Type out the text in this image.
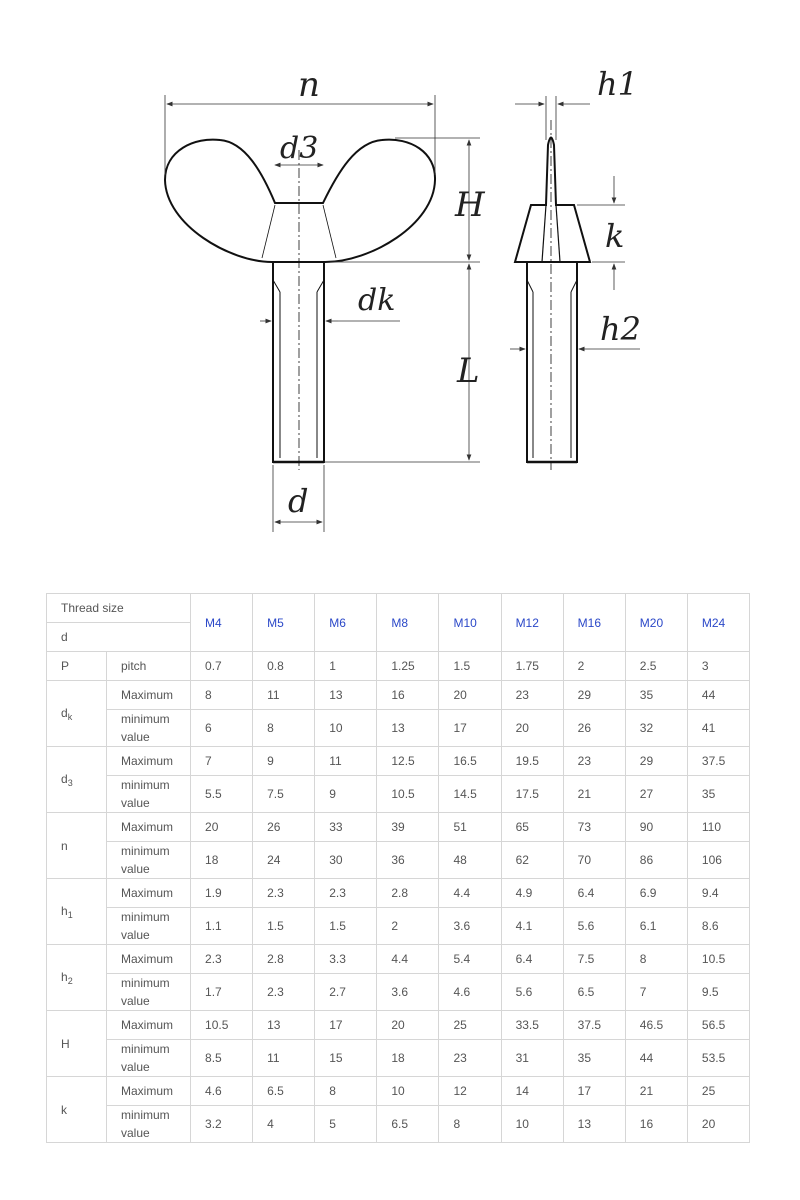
n
d3
H
dk
L
d
h1
k
h2
Thread size		M4	M5	M6	M8	M10	M12	M16	M20	M24
d										
P	pitch	0.7	0.8	1	1.25	1.5	1.75	2	2.5	3
$d_k$	Maximum	8	11	13	16	20	23	29	35	44
	minimum value	6	8	10	13	17	20	26	32	41
$d_3$	Maximum	7	9	11	12.5	16.5	19.5	23	29	37.5
	minimum value	5.5	7.5	9	10.5	14.5	17.5	21	27	35
n	Maximum	20	26	33	39	51	65	73	90	110
	minimum value	18	24	30	36	48	62	70	86	106
$h_1$	Maximum	1.9	2.3	2.3	2.8	4.4	4.9	6.4	6.9	9.4
	minimum value	1.1	1.5	1.5	2	3.6	4.1	5.6	6.1	8.6
$h_2$	Maximum	2.3	2.8	3.3	4.4	5.4	6.4	7.5	8	10.5
	minimum value	1.7	2.3	2.7	3.6	4.6	5.6	6.5	7	9.5
H	Maximum	10.5	13	17	20	25	33.5	37.5	46.5	56.5
	minimum value	8.5	11	15	18	23	31	35	44	53.5
k	Maximum	4.6	6.5	8	10	12	14	17	21	25
	minimum value	3.2	4	5	6.5	8	10	13	16	20
